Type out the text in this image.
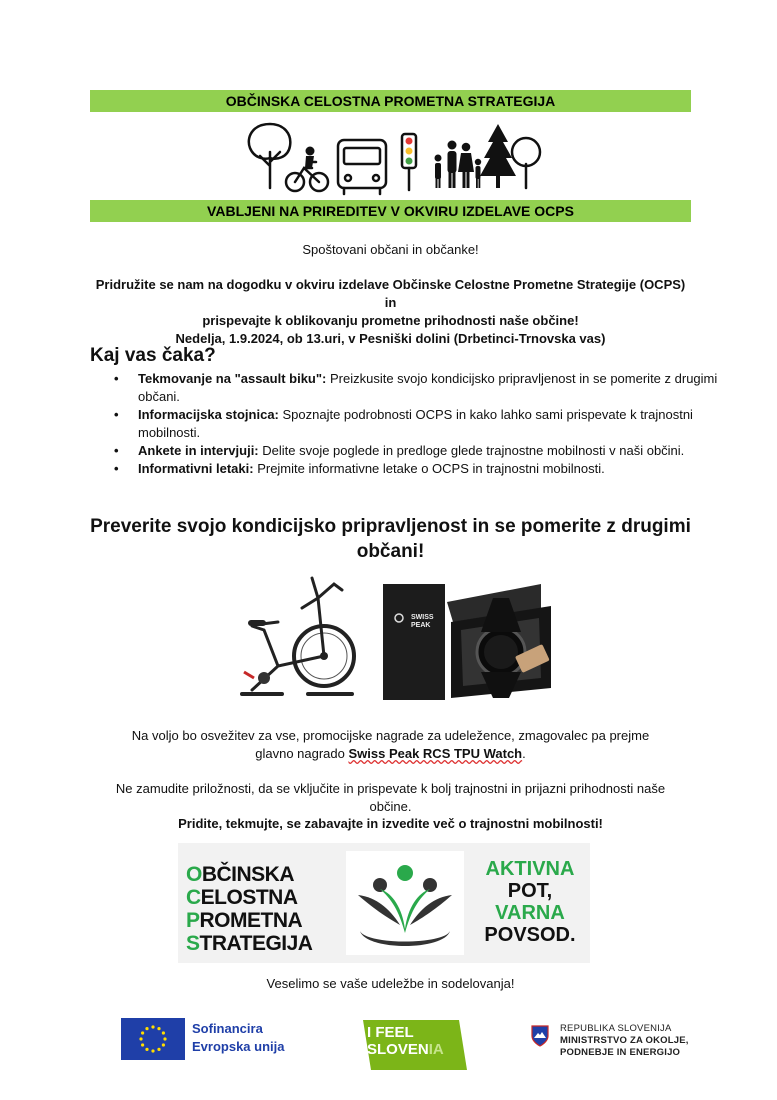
OBČINSKA CELOSTNA PROMETNA STRATEGIJA
VABLJENI NA PRIREDITEV V OKVIRU IZDELAVE OCPS
Spoštovani občani in občanke!
Pridružite se nam na dogodku v okviru izdelave Občinske Celostne Prometne Strategije (OCPS) in
prispevajte k oblikovanju prometne prihodnosti naše občine!
Nedelja, 1.9.2024, ob 13.uri, v Pesniški dolini (Drbetinci-Trnovska vas)
Kaj vas čaka?
• Tekmovanje na "assault biku": Preizkusite svojo kondicijsko pripravljenost in se pomerite z drugimi občani.
• Informacijska stojnica: Spoznajte podrobnosti OCPS in kako lahko sami prispevate k trajnostni mobilnosti.
• Ankete in intervjuji: Delite svoje poglede in predloge glede trajnostne mobilnosti v naši občini.
• Informativni letaki: Prejmite informativne letake o OCPS in trajnostni mobilnosti.
Preverite svojo kondicijsko pripravljenost in se pomerite z drugimi
občani!
SWISS
PEAK
Na voljo bo osvežitev za vse, promocijske nagrade za udeležence, zmagovalec pa prejme
glavno nagrado Swiss Peak RCS TPU Watch.
Ne zamudite priložnosti, da se vključite in prispevate k bolj trajnostni in prijazni prihodnosti naše
občine.
Pridite, tekmujte, se zabavajte in izvedite več o trajnostni mobilnosti!
OBČINSKA
CELOSTNA
PROMETNA
STRATEGIJA
AKTIVNA
POT,
VARNA
POVSOD.
Veselimo se vaše udeležbe in sodelovanja!
Sofinancira
Evropska unija
I FEEL
SLOVENIA
REPUBLIKA SLOVENIJA
MINISTRSTVO ZA OKOLJE,
PODNEBJE IN ENERGIJO
